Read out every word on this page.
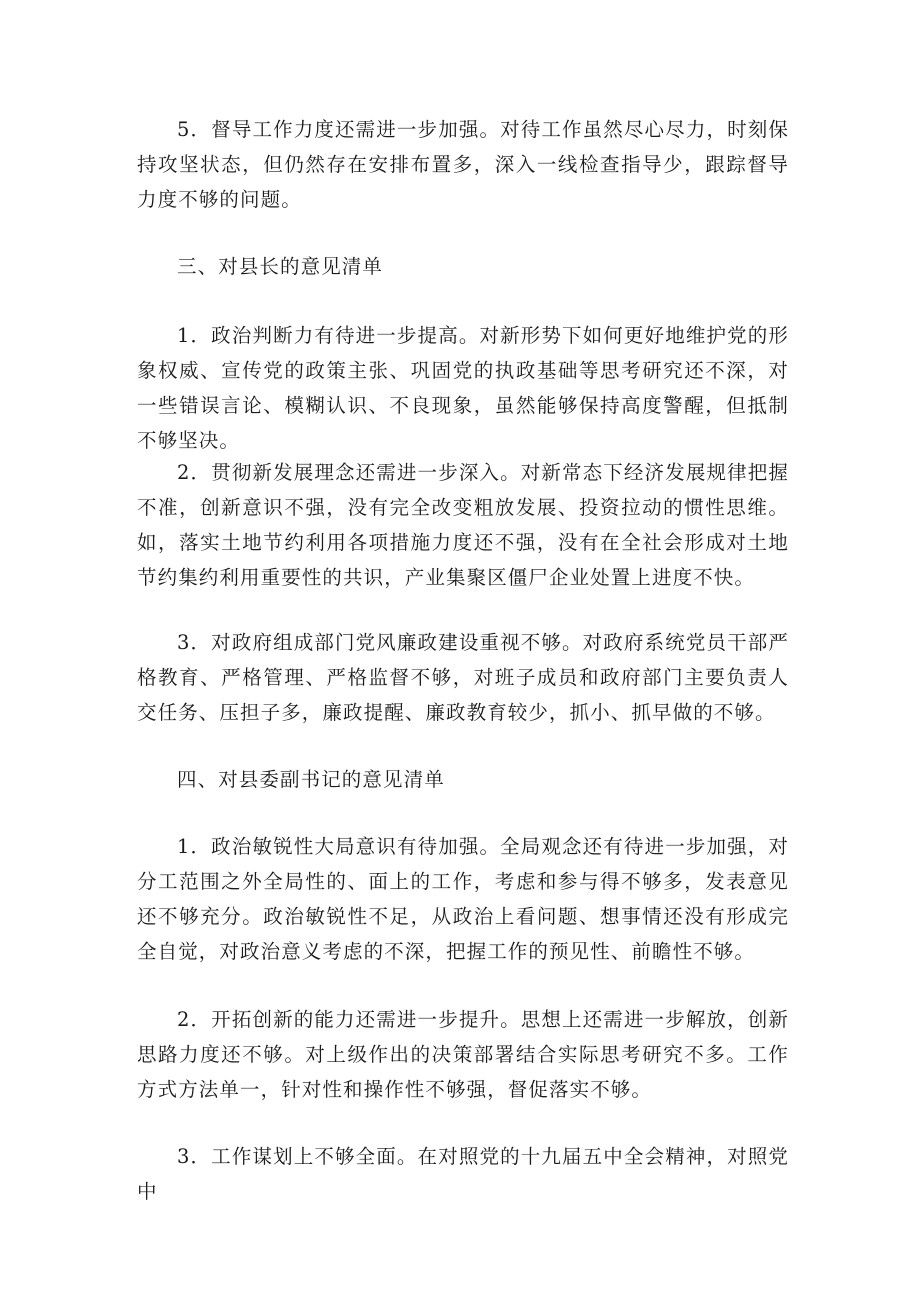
5．督导工作力度还需进一步加强。对待工作虽然尽心尽力，时刻保持攻坚状态，但仍然存在安排布置多，深入一线检查指导少，跟踪督导力度不够的问题。

三、对县长的意见清单

1．政治判断力有待进一步提高。对新形势下如何更好地维护党的形象权威、宣传党的政策主张、巩固党的执政基础等思考研究还不深，对一些错误言论、模糊认识、不良现象，虽然能够保持高度警醒，但抵制不够坚决。

2．贯彻新发展理念还需进一步深入。对新常态下经济发展规律把握不准，创新意识不强，没有完全改变粗放发展、投资拉动的惯性思维。如，落实土地节约利用各项措施力度还不强，没有在全社会形成对土地节约集约利用重要性的共识，产业集聚区僵尸企业处置上进度不快。

3．对政府组成部门党风廉政建设重视不够。对政府系统党员干部严格教育、严格管理、严格监督不够，对班子成员和政府部门主要负责人交任务、压担子多，廉政提醒、廉政教育较少，抓小、抓早做的不够。

四、对县委副书记的意见清单

1．政治敏锐性大局意识有待加强。全局观念还有待进一步加强，对分工范围之外全局性的、面上的工作，考虑和参与得不够多，发表意见还不够充分。政治敏锐性不足，从政治上看问题、想事情还没有形成完全自觉，对政治意义考虑的不深，把握工作的预见性、前瞻性不够。

2．开拓创新的能力还需进一步提升。思想上还需进一步解放，创新思路力度还不够。对上级作出的决策部署结合实际思考研究不多。工作方式方法单一，针对性和操作性不够强，督促落实不够。

3．工作谋划上不够全面。在对照党的十九届五中全会精神，对照党中
